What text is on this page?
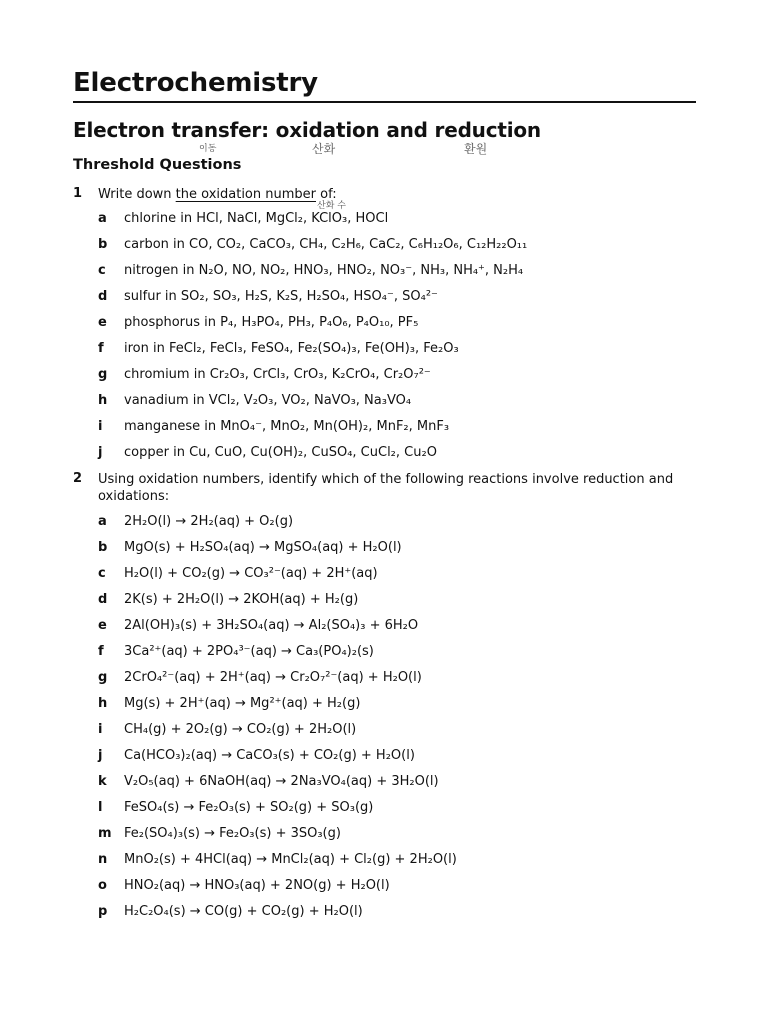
Electrochemistry
이동	산화	환원
Electron transfer: oxidation and reduction
Threshold Questions
1 Write down the oxidation number of:
산화 수
a chlorine in HCl, NaCl, MgCl₂, KClO₃, HOCl
b carbon in CO, CO₂, CaCO₃, CH₄, C₂H₆, CaC₂, C₆H₁₂O₆, C₁₂H₂₂O₁₁
c nitrogen in N₂O, NO, NO₂, HNO₃, HNO₂, NO₃⁻, NH₃, NH₄⁺, N₂H₄
d sulfur in SO₂, SO₃, H₂S, K₂S, H₂SO₄, HSO₄⁻, SO₄²⁻
e phosphorus in P₄, H₃PO₄, PH₃, P₄O₆, P₄O₁₀, PF₅
f iron in FeCl₂, FeCl₃, FeSO₄, Fe₂(SO₄)₃, Fe(OH)₃, Fe₂O₃
g chromium in Cr₂O₃, CrCl₃, CrO₃, K₂CrO₄, Cr₂O₇²⁻
h vanadium in VCl₂, V₂O₃, VO₂, NaVO₃, Na₃VO₄
i manganese in MnO₄⁻, MnO₂, Mn(OH)₂, MnF₂, MnF₃
j copper in Cu, CuO, Cu(OH)₂, CuSO₄, CuCl₂, Cu₂O
2 Using oxidation numbers, identify which of the following reactions involve reduction and oxidations:
a 2H₂O(l) → 2H₂(aq) + O₂(g)
b MgO(s) + H₂SO₄(aq) → MgSO₄(aq) + H₂O(l)
c H₂O(l) + CO₂(g) → CO₃²⁻(aq) + 2H⁺(aq)
d 2K(s) + 2H₂O(l) → 2KOH(aq) + H₂(g)
e 2Al(OH)₃(s) + 3H₂SO₄(aq) → Al₂(SO₄)₃ + 6H₂O
f 3Ca²⁺(aq) + 2PO₄³⁻(aq) → Ca₃(PO₄)₂(s)
g 2CrO₄²⁻(aq) + 2H⁺(aq) → Cr₂O₇²⁻(aq) + H₂O(l)
h Mg(s) + 2H⁺(aq) → Mg²⁺(aq) + H₂(g)
i CH₄(g) + 2O₂(g) → CO₂(g) + 2H₂O(l)
j Ca(HCO₃)₂(aq) → CaCO₃(s) + CO₂(g) + H₂O(l)
k V₂O₅(aq) + 6NaOH(aq) → 2Na₃VO₄(aq) + 3H₂O(l)
l FeSO₄(s) → Fe₂O₃(s) + SO₂(g) + SO₃(g)
m Fe₂(SO₄)₃(s) → Fe₂O₃(s) + 3SO₃(g)
n MnO₂(s) + 4HCl(aq) → MnCl₂(aq) + Cl₂(g) + 2H₂O(l)
o HNO₂(aq) → HNO₃(aq) + 2NO(g) + H₂O(l)
p H₂C₂O₄(s) → CO(g) + CO₂(g) + H₂O(l)
